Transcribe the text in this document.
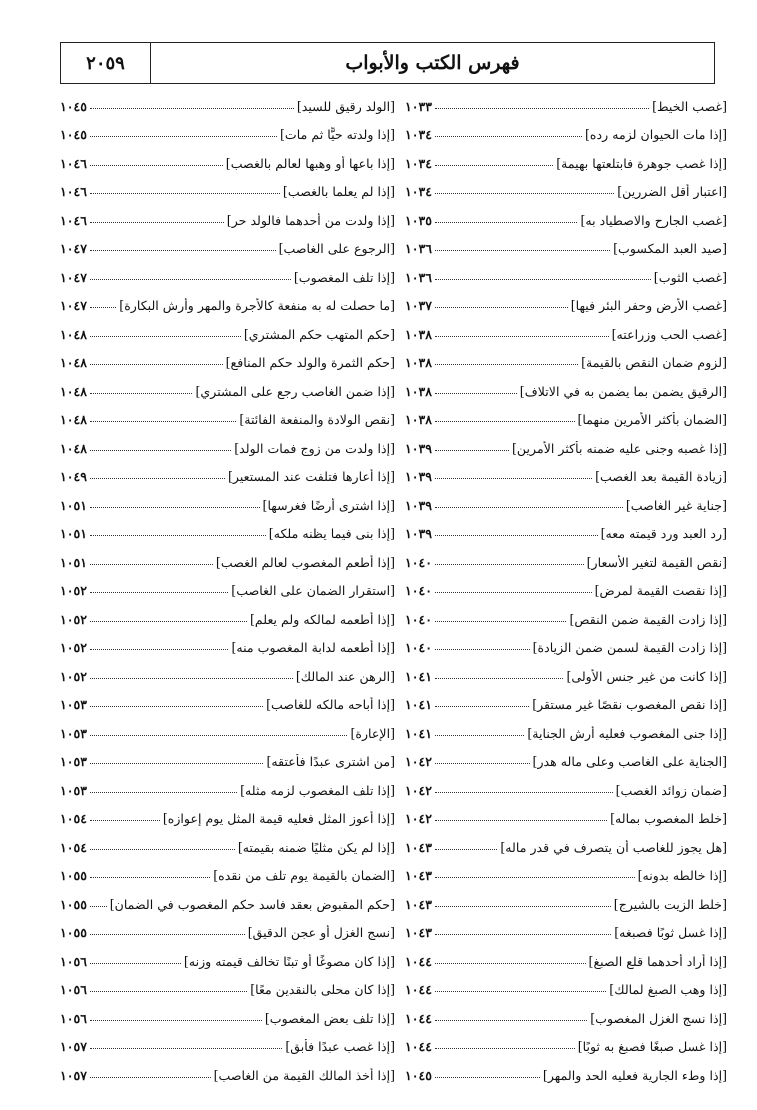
فهرس الكتب والأبواب
٢٠٥٩
[غصب الخيط]
١٠٣٣
[إذا مات الحيوان لزمه رده]
١٠٣٤
[إذا غصب جوهرة فابتلعتها بهيمة]
١٠٣٤
[اعتبار أقل الضررين]
١٠٣٤
[غصب الجارح والاصطياد به]
١٠٣٥
[صيد العبد المكسوب]
١٠٣٦
[غصب الثوب]
١٠٣٦
[غصب الأرض وحفر البئر فيها]
١٠٣٧
[غصب الحب وزراعته]
١٠٣٨
[لزوم ضمان النقص بالقيمة]
١٠٣٨
[الرقيق يضمن بما يضمن به في الاتلاف]
١٠٣٨
[الضمان بأكثر الأمرين منهما]
١٠٣٨
[إذا غصبه وجنى عليه ضمنه بأكثر الأمرين]
١٠٣٩
[زيادة القيمة بعد الغصب]
١٠٣٩
[جناية غير الغاصب]
١٠٣٩
[رد العبد ورد قيمته معه]
١٠٣٩
[نقص القيمة لتغير الأسعار]
١٠٤٠
[إذا نقصت القيمة لمرض]
١٠٤٠
[إذا زادت القيمة ضمن النقص]
١٠٤٠
[إذا زادت القيمة لسمن ضمن الزيادة]
١٠٤٠
[إذا كانت من غير جنس الأولى]
١٠٤١
[إذا نقص المغصوب نقصًا غير مستقر]
١٠٤١
[إذا جنى المغصوب فعليه أرش الجناية]
١٠٤١
[الجناية على الغاصب وعلى ماله هدر]
١٠٤٢
[ضمان زوائد الغصب]
١٠٤٢
[خلط المغصوب بماله]
١٠٤٢
[هل يجوز للغاصب أن يتصرف في قدر ماله]
١٠٤٣
[إذا خالطه بدونه]
١٠٤٣
[خلط الزيت بالشيرج]
١٠٤٣
[إذا غسل ثوبًا فصبغه]
١٠٤٣
[إذا أراد أحدهما قلع الصبغ]
١٠٤٤
[إذا وهب الصبغ لمالك]
١٠٤٤
[إذا نسج الغزل المغصوب]
١٠٤٤
[إذا غسل صبغًا فصبغ به ثوبًا]
١٠٤٤
[إذا وطء الجارية فعليه الحد والمهر]
١٠٤٥
[الولد رقيق للسيد]
١٠٤٥
[إذا ولدته حيًّا ثم مات]
١٠٤٥
[إذا باعها أو وهبها لعالم بالغصب]
١٠٤٦
[إذا لم يعلما بالغصب]
١٠٤٦
[إذا ولدت من أحدهما فالولد حر]
١٠٤٦
[الرجوع على الغاصب]
١٠٤٧
[إذا تلف المغصوب]
١٠٤٧
[ما حصلت له به منفعة كالأجرة والمهر وأرش البكارة]
١٠٤٧
[حكم المتهب حكم المشتري]
١٠٤٨
[حكم الثمرة والولد حكم المنافع]
١٠٤٨
[إذا ضمن الغاصب رجع على المشتري]
١٠٤٨
[نقص الولادة والمنفعة الفائتة]
١٠٤٨
[إذا ولدت من زوج فمات الولد]
١٠٤٨
[إذا أعارها فتلفت عند المستعير]
١٠٤٩
[إذا اشترى أرضًا فغرسها]
١٠٥١
[إذا بنى فيما يظنه ملكه]
١٠٥١
[إذا أطعم المغصوب لعالم الغصب]
١٠٥١
[استقرار الضمان على الغاصب]
١٠٥٢
[إذا أطعمه لمالكه ولم يعلم]
١٠٥٢
[إذا أطعمه لدابة المغصوب منه]
١٠٥٢
[الرهن عند المالك]
١٠٥٢
[إذا أباحه مالكه للغاصب]
١٠٥٣
[الإعارة]
١٠٥٣
[من اشترى عبدًا فأعتقه]
١٠٥٣
[إذا تلف المغصوب لزمه مثله]
١٠٥٣
[إذا أعوز المثل فعليه قيمة المثل يوم إعوازه]
١٠٥٤
[إذا لم يكن مثليًا ضمنه بقيمته]
١٠٥٤
[الضمان بالقيمة يوم تلف من نقده]
١٠٥٥
[حكم المقبوض بعقد فاسد حكم المغصوب في الضمان]
١٠٥٥
[نسج الغزل أو عجن الدقيق]
١٠٥٥
[إذا كان مصوغًا أو تبنًا تخالف قيمته وزنه]
١٠٥٦
[إذا كان محلى بالنقدين معًا]
١٠٥٦
[إذا تلف بعض المغصوب]
١٠٥٦
[إذا غصب عبدًا فأبق]
١٠٥٧
[إذا أخذ المالك القيمة من الغاصب]
١٠٥٧
